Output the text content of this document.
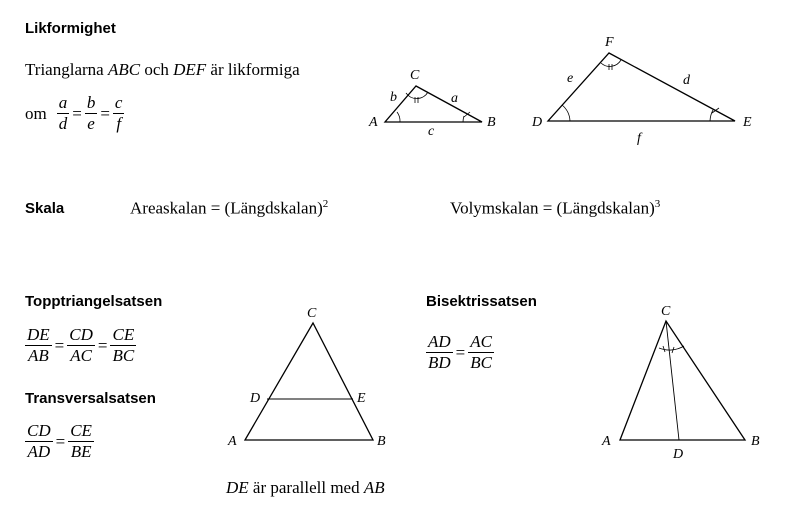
Likformighet
Trianglarna ABC och DEF är likformiga
om $\frac{a}{d} = \frac{b}{e} = \frac{c}{f}$	A	B
C
a
b
c
D	E
F
d
e
f
Skala	Areaskalan = (Längdskalan)$^2$	Volymskalan = (Längdskalan)$^3$
Topptriangelsatsen
$\frac{DE}{AB} = \frac{CD}{AC} = \frac{CE}{BC}$
Transversalsatsen
$\frac{CD}{AD} = \frac{CE}{BE}$
C
D	E
A	B
DE är parallell med AB
Bisektrissatsen
$\frac{AD}{BD} = \frac{AC}{BC}$
C
A	B
D
